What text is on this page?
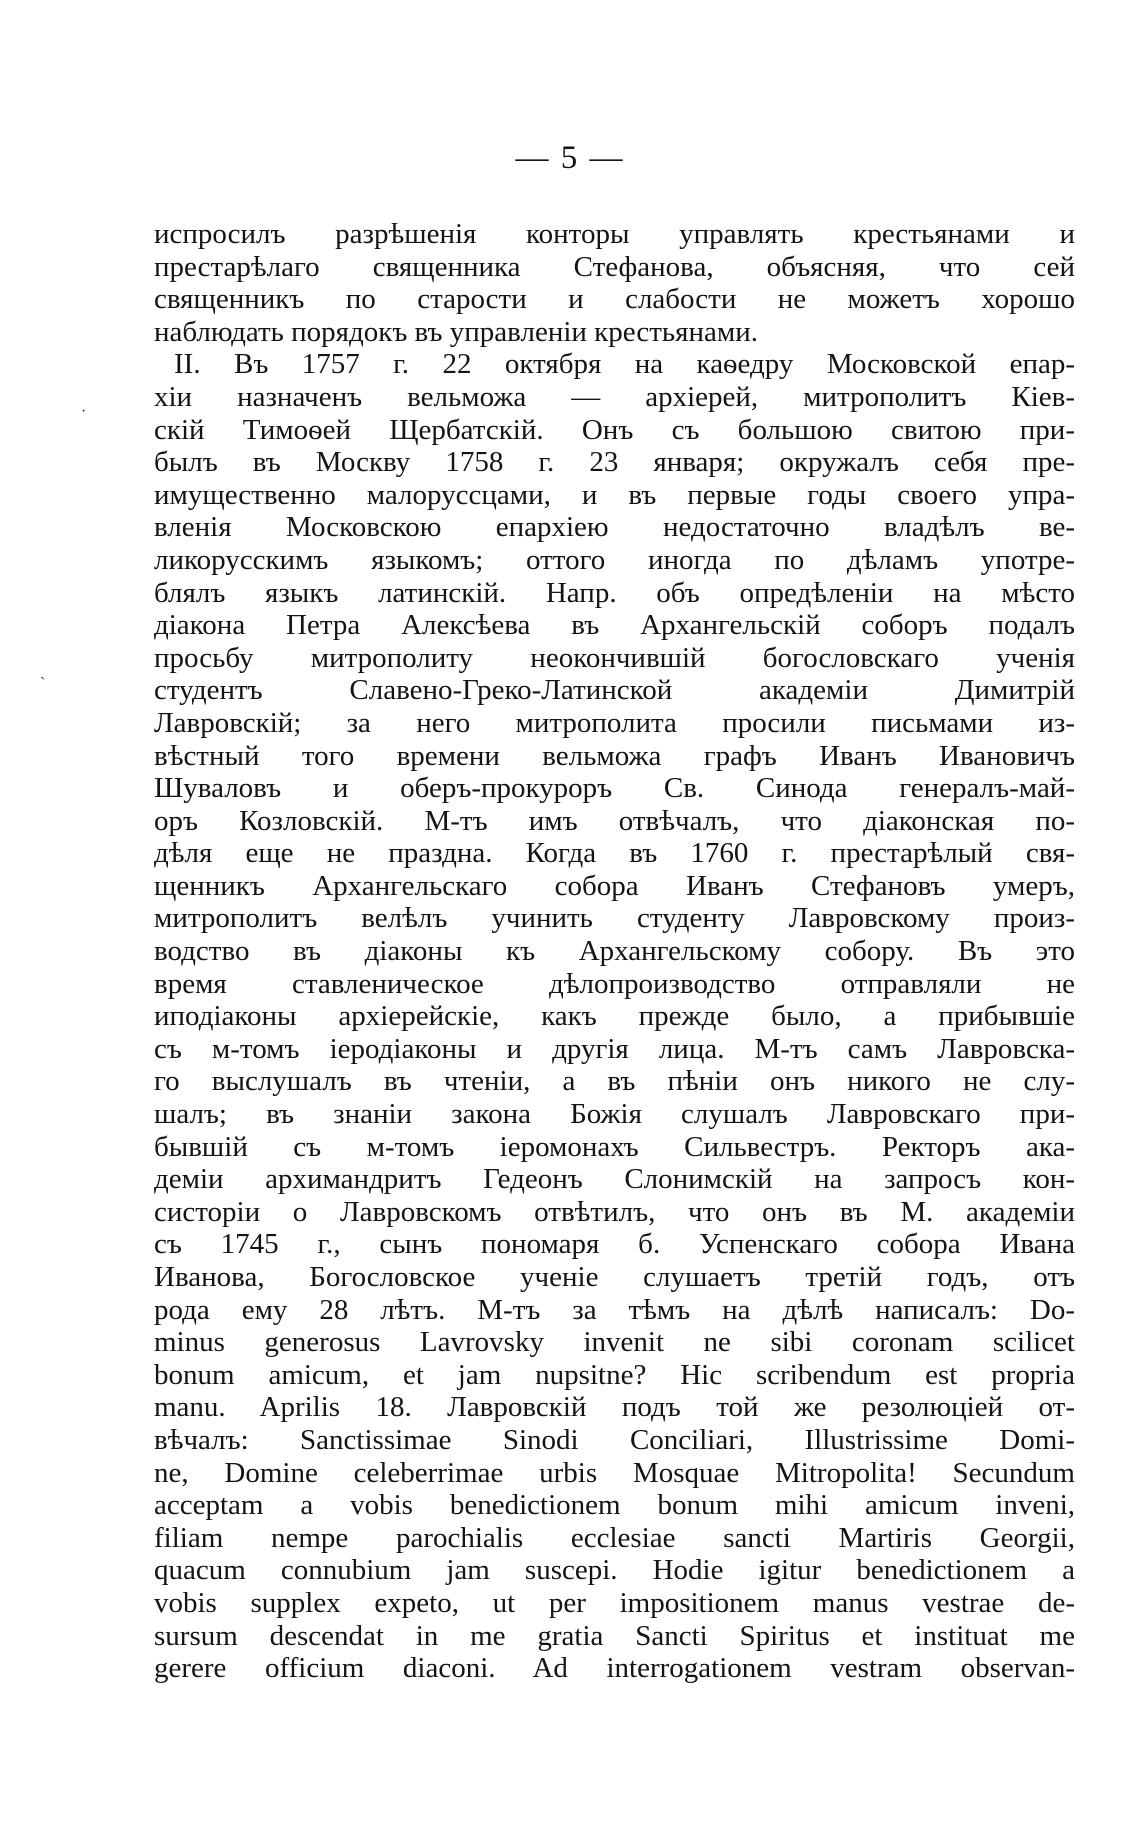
— 5 —
·
ˎ
испросилъ разрѣшенія конторы управлять крестьянами и
престарѣлаго священника Стефанова, объясняя, что сей
священникъ по старости и слабости не можетъ хорошо
наблюдать порядокъ въ управленіи крестьянами.
II. Въ 1757 г. 22 октября на каѳедру Московской епар-
хіи назначенъ вельможа — архіерей, митрополитъ Кіев-
скій Тимоѳей Щербатскій. Онъ съ большою свитою при-
былъ въ Москву 1758 г. 23 января; окружалъ себя пре-
имущественно малоруссцами, и въ первые годы своего упра-
вленія Московскою епархіею недостаточно владѣлъ ве-
ликорусскимъ языкомъ; оттого иногда по дѣламъ употре-
блялъ языкъ латинскій. Напр. объ опредѣленіи на мѣсто
діакона Петра Алексѣева въ Архангельскій соборъ подалъ
просьбу митрополиту неокончившій богословскаго ученія
студентъ Славено-Греко-Латинской академіи Димитрій
Лавровскій; за него митрополита просили письмами из-
вѣстный того времени вельможа графъ Иванъ Ивановичъ
Шуваловъ и оберъ-прокуроръ Св. Синода генералъ-май-
оръ Козловскій. М-тъ имъ отвѣчалъ, что діаконская по-
дѣля еще не праздна. Когда въ 1760 г. престарѣлый свя-
щенникъ Архангельскаго собора Иванъ Стефановъ умеръ,
митрополитъ велѣлъ учинить студенту Лавровскому произ-
водство въ діаконы къ Архангельскому собору. Въ это
время ставленическое дѣлопроизводство отправляли не
иподіаконы архіерейскіе, какъ прежде было, а прибывшіе
съ м-томъ іеродіаконы и другія лица. М-тъ самъ Лавровска-
го выслушалъ въ чтеніи, а въ пѣніи онъ никого не слу-
шалъ; въ знаніи закона Божія слушалъ Лавровскаго при-
бывшій съ м-томъ іеромонахъ Сильвестръ. Ректоръ ака-
деміи архимандритъ Гедеонъ Слонимскій на запросъ кон-
систоріи о Лавровскомъ отвѣтилъ, что онъ въ М. академіи
съ 1745 г., сынъ пономаря б. Успенскаго собора Ивана
Иванова, Богословское ученіе слушаетъ третій годъ, отъ
рода ему 28 лѣтъ. М-тъ за тѣмъ на дѣлѣ написалъ: Do-
minus generosus Lavrovsky invenit ne sibi coronam scilicet
bonum amicum, et jam nupsitne? Hic scribendum est propria
manu. Aprilis 18. Лавровскій подъ той же резолюціей от-
вѣчалъ: Sanctissimae Sinodi Conciliari, Illustrissime Domi-
ne, Domine celeberrimae urbis Mosquae Mitropolita! Secundum
acceptam a vobis benedictionem bonum mihi amicum inveni,
filiam nempe parochialis ecclesiae sancti Martiris Georgii,
quacum connubium jam suscepi. Hodie igitur benedictionem a
vobis supplex expeto, ut per impositionem manus vestrae de-
sursum descendat in me gratia Sancti Spiritus et instituat me
gerere officium diaconi. Ad interrogationem vestram observan-
